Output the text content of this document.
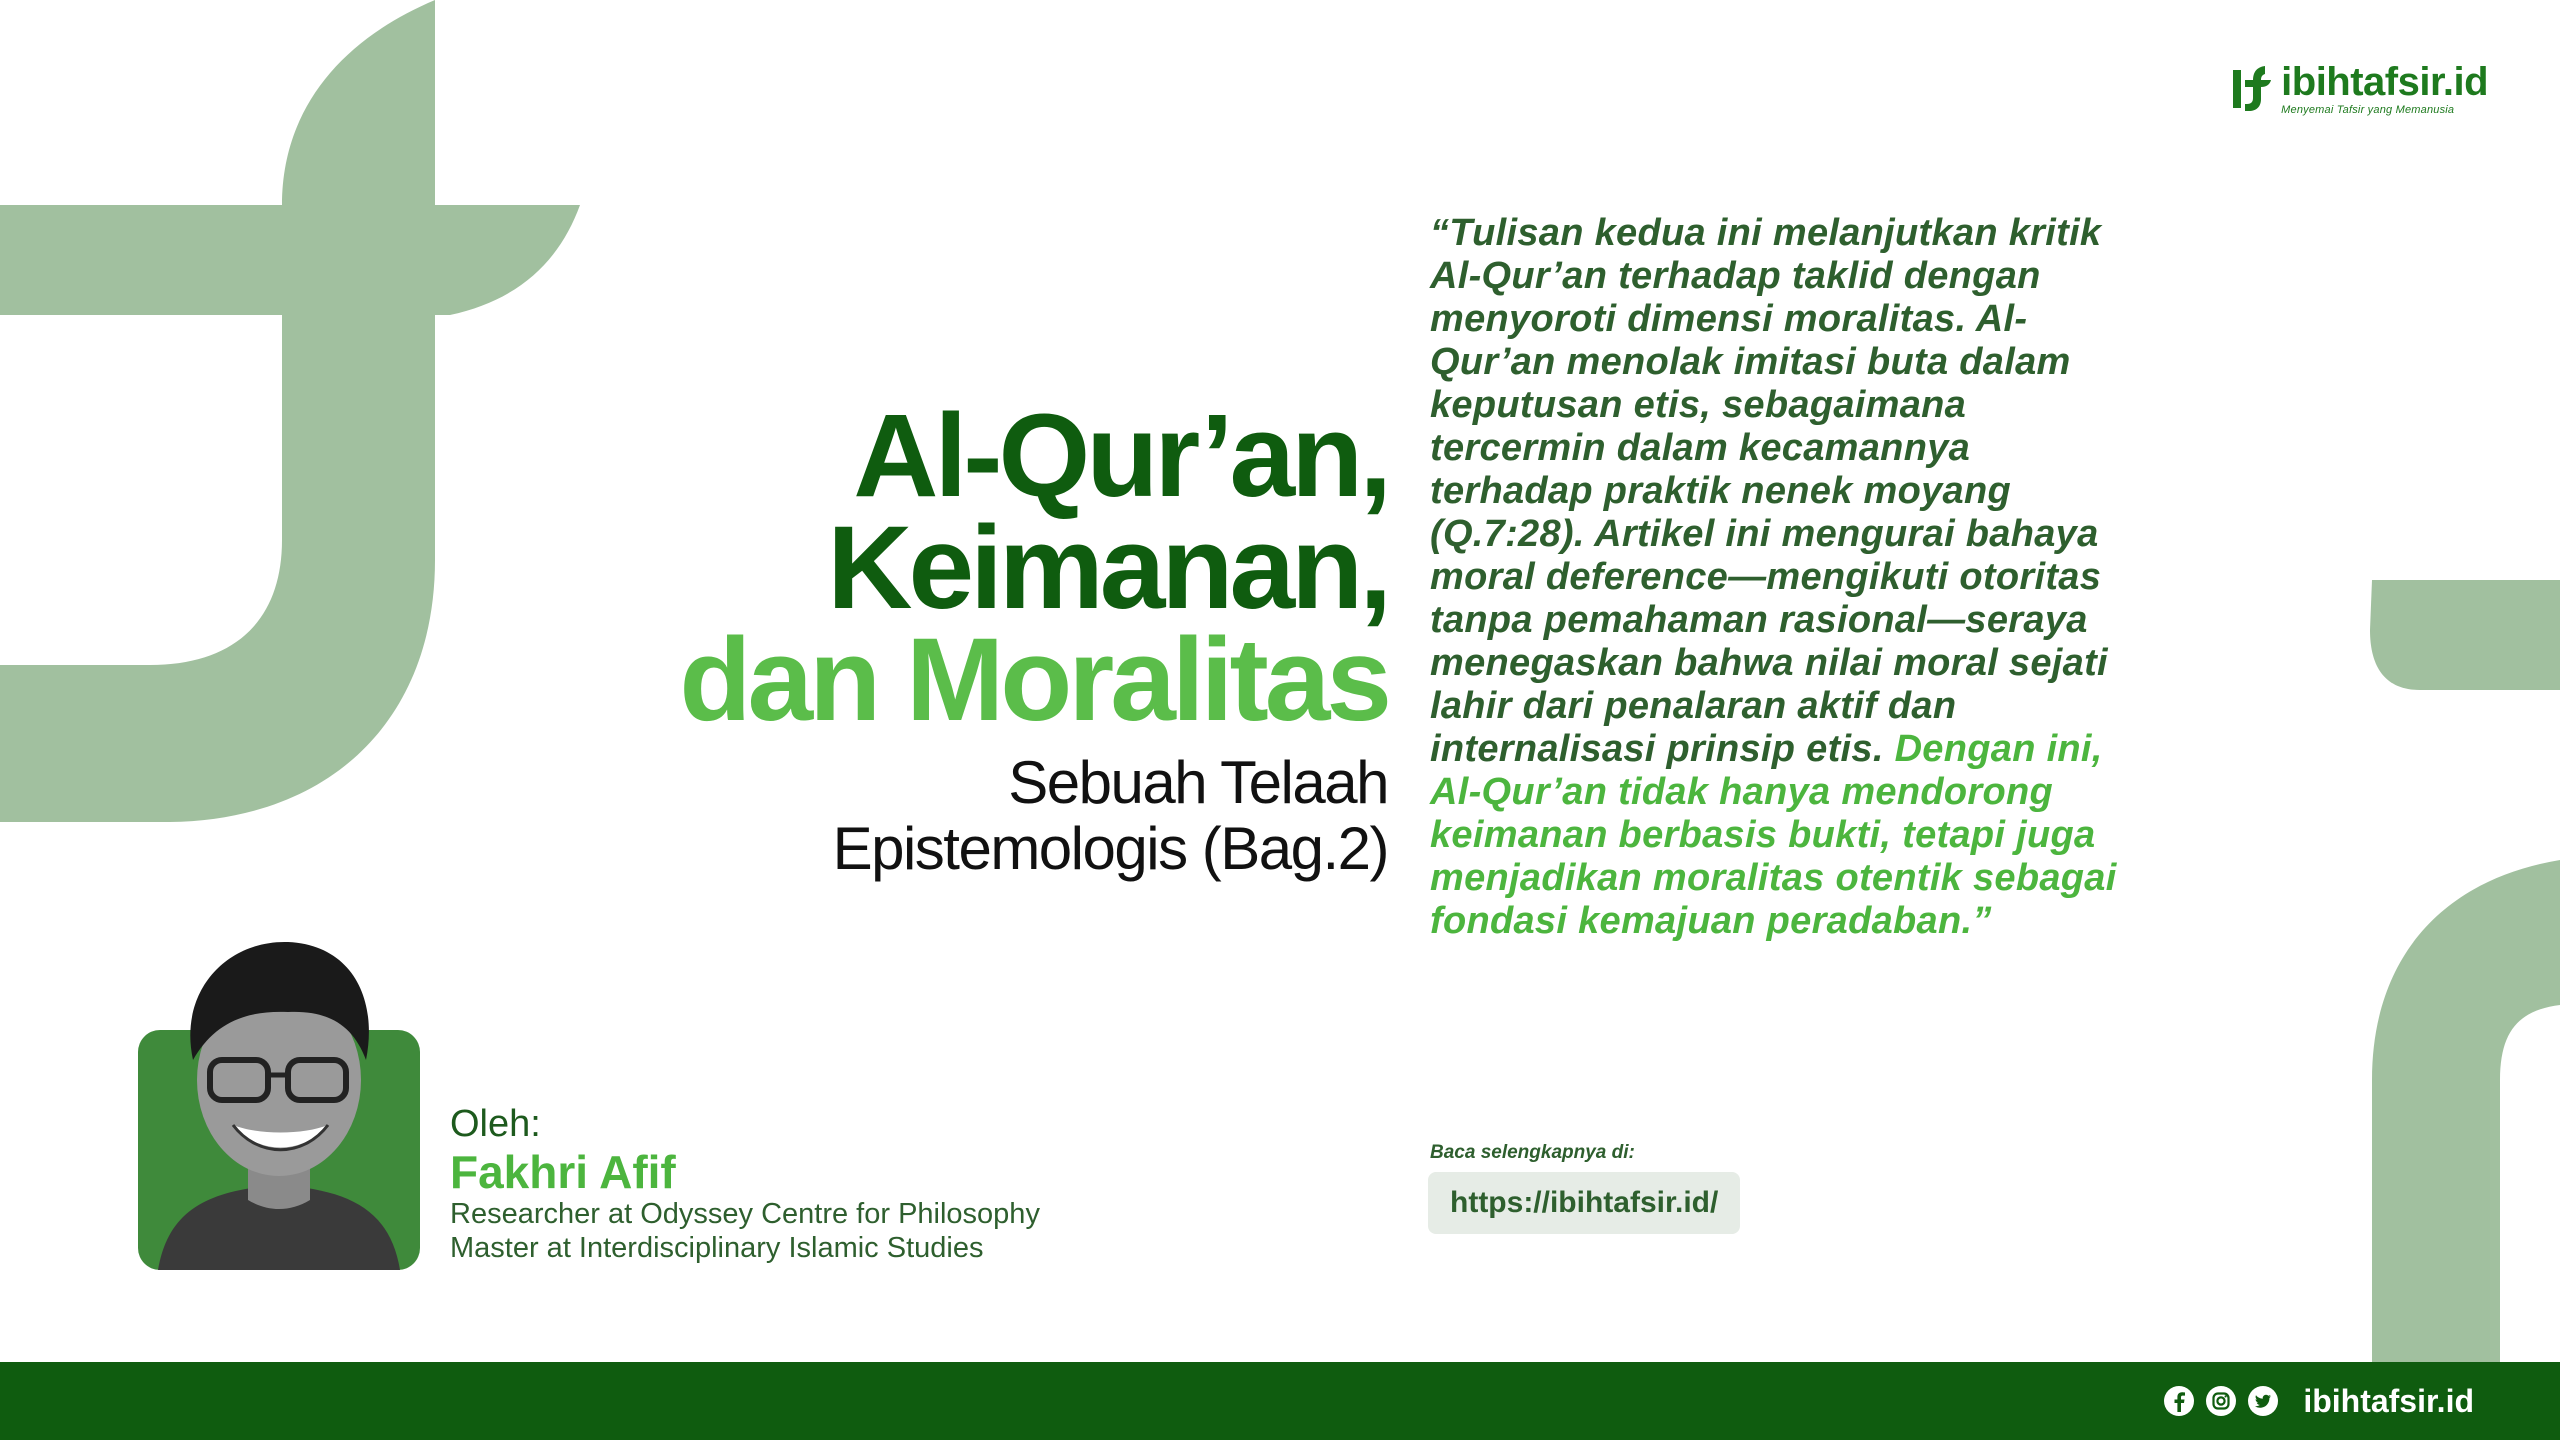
ibihtafsir.id
Menyemai Tafsir yang Memanusia
Al-Qur’an,
Keimanan,
dan Moralitas
Sebuah Telaah
Epistemologis (Bag.2)
“Tulisan kedua ini melanjutkan kritik Al-Qur’an terhadap taklid dengan menyoroti dimensi moralitas. Al-Qur’an menolak imitasi buta dalam keputusan etis, sebagaimana tercermin dalam kecamannya terhadap praktik nenek moyang (Q.7:28). Artikel ini mengurai bahaya moral deference—mengikuti otoritas tanpa pemahaman rasional—seraya menegaskan bahwa nilai moral sejati lahir dari penalaran aktif dan internalisasi prinsip etis. Dengan ini, Al-Qur’an tidak hanya mendorong keimanan berbasis bukti, tetapi juga menjadikan moralitas otentik sebagai fondasi kemajuan peradaban.”
Baca selengkapnya di:
https://ibihtafsir.id/
Oleh:
Fakhri Afif
Researcher at Odyssey Centre for Philosophy
Master at Interdisciplinary Islamic Studies
ibihtafsir.id
